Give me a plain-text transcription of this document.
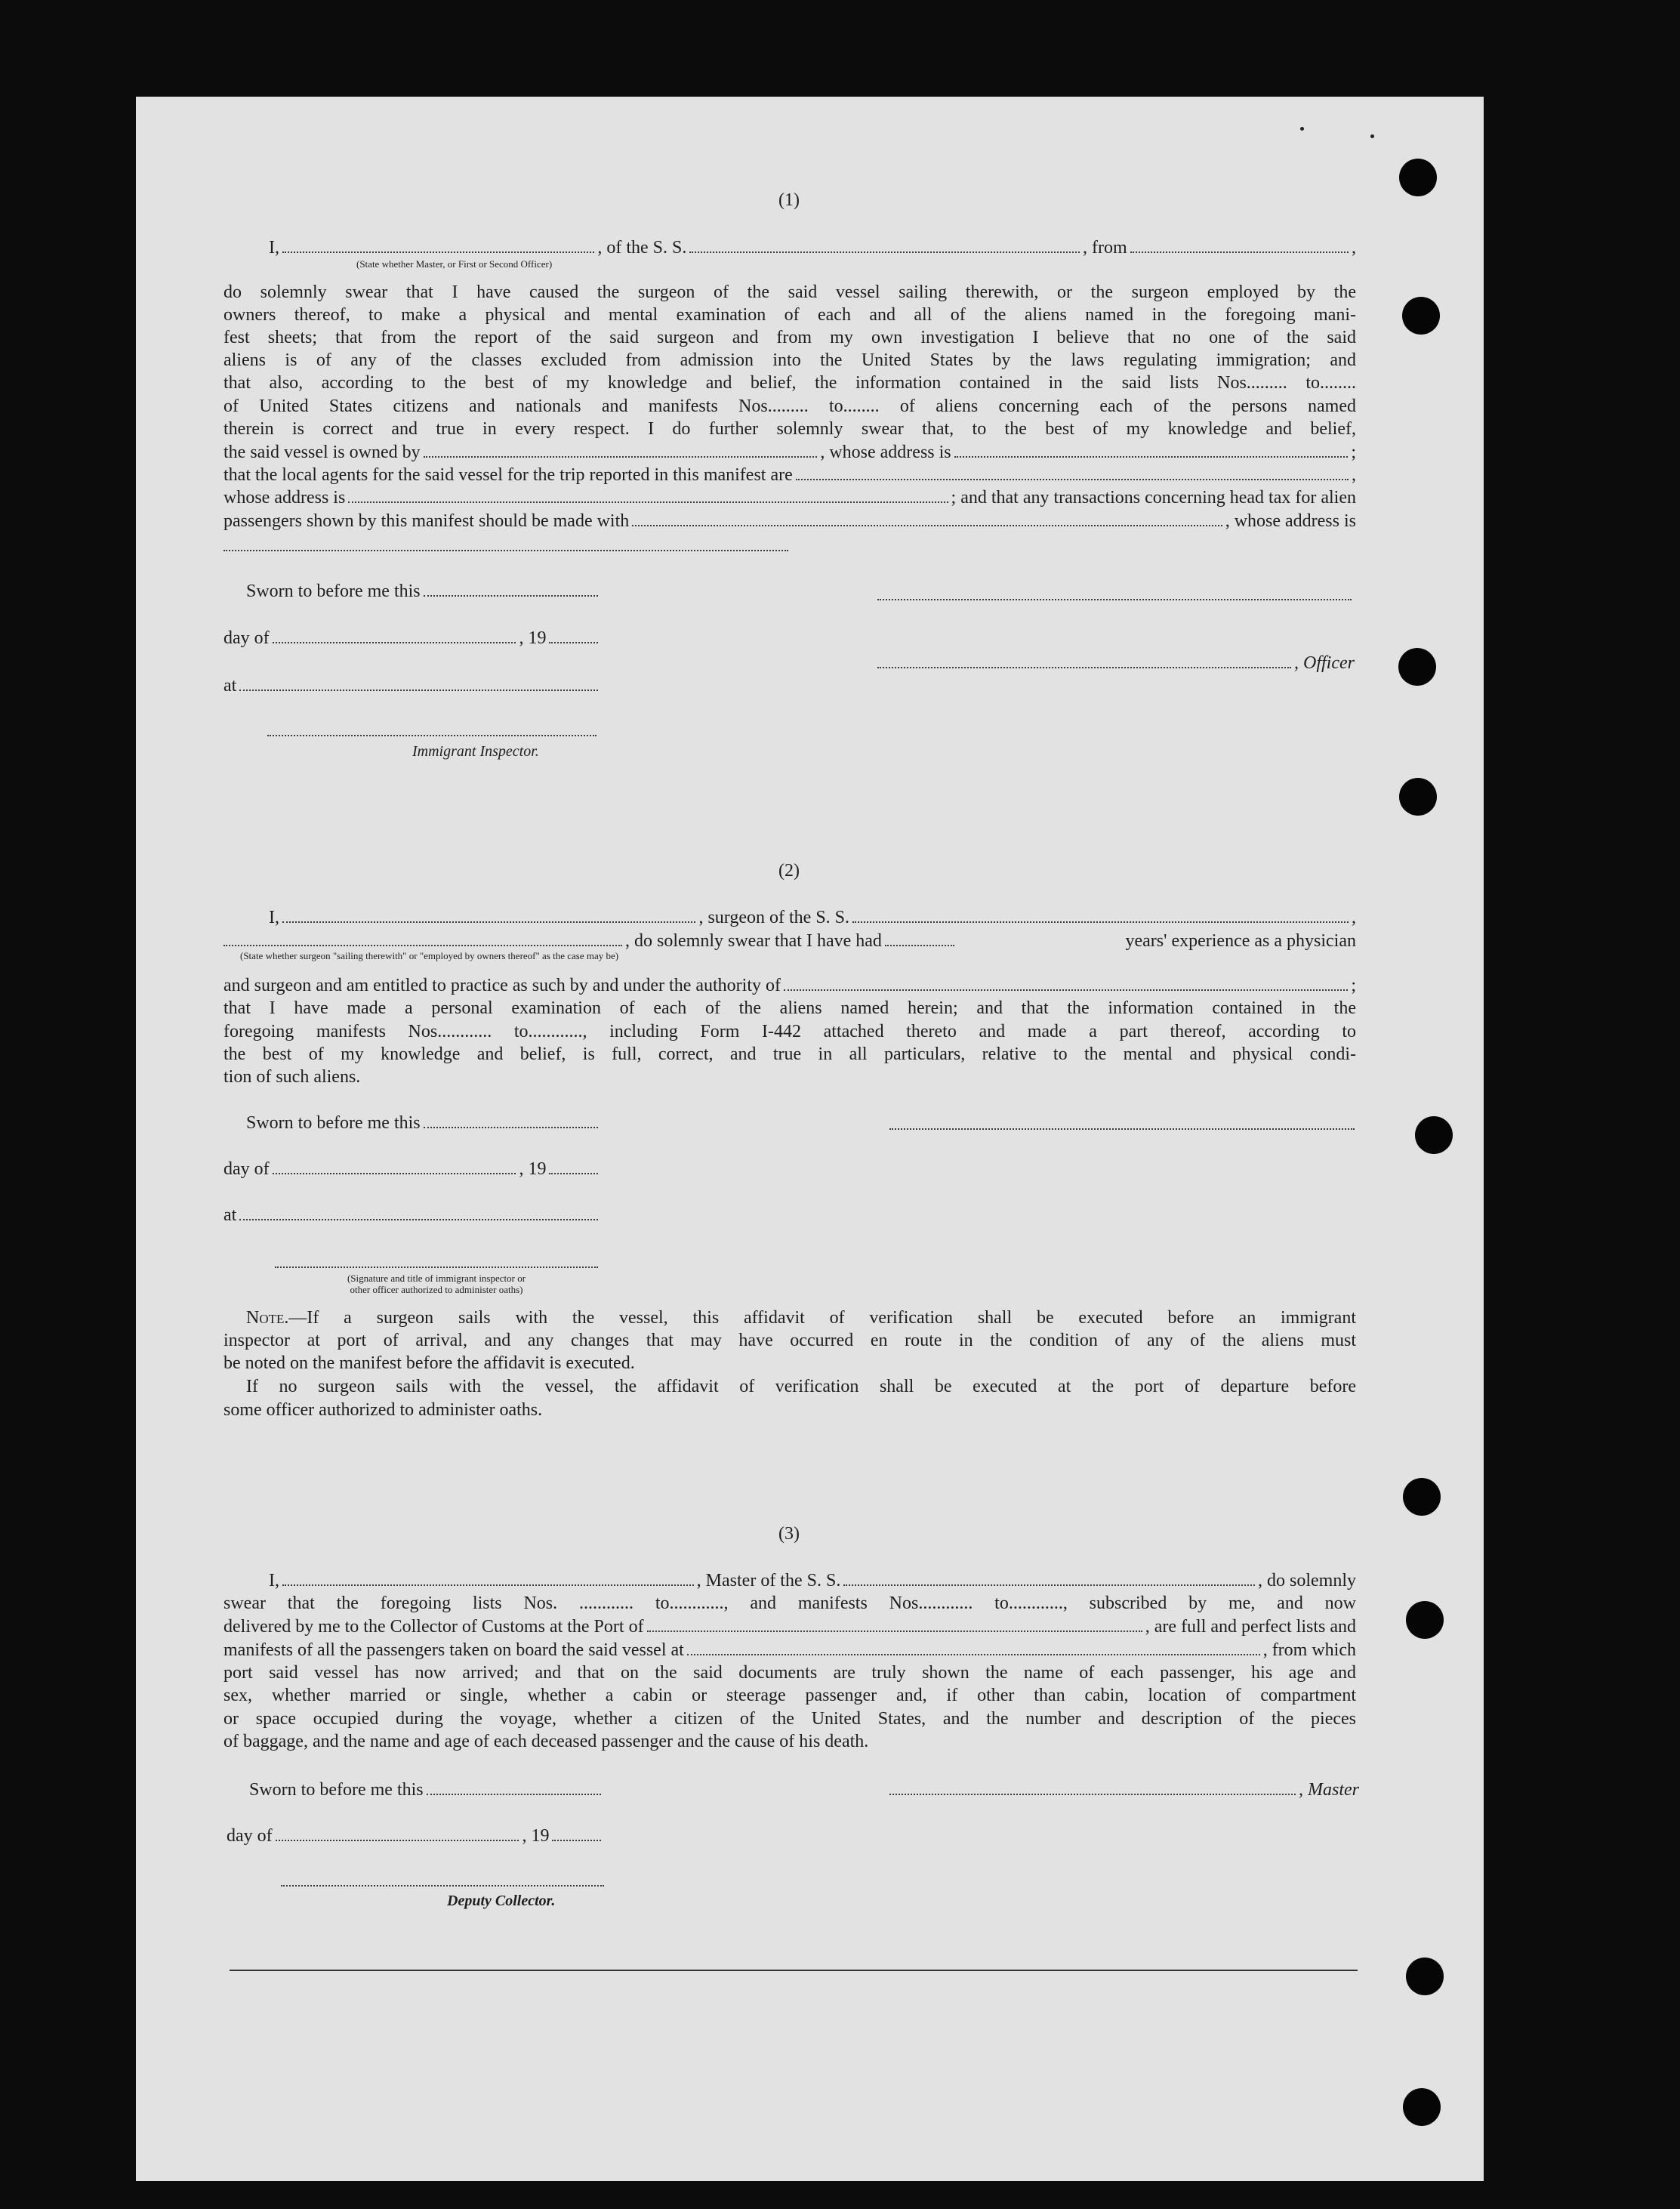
(1)
I,	, of the S. S.	, from	,
(State whether Master, or First or Second Officer)
do solemnly swear that I have caused the surgeon of the said vessel sailing therewith, or the surgeon employed by the
owners thereof, to make a physical and mental examination of each and all of the aliens named in the foregoing mani-
fest sheets; that from the report of the said surgeon and from my own investigation I believe that no one of the said
aliens is of any of the classes excluded from admission into the United States by the laws regulating immigration; and
that also, according to the best of my knowledge and belief, the information contained in the said lists Nos......... to........
of United States citizens and nationals and manifests Nos......... to........ of aliens concerning each of the persons named
therein is correct and true in every respect. I do further solemnly swear that, to the best of my knowledge and belief,
the said vessel is owned by	, whose address is	;
that the local agents for the said vessel for the trip reported in this manifest are	,
whose address is	; and that any transactions concerning head tax for alien
passengers shown by this manifest should be made with	, whose address is
Sworn to before me this
day of	, 19
, Officer
at
Immigrant Inspector.
(2)
I,	, surgeon of the S. S.	,
, do solemnly swear that I have had	years' experience as a physician
(State whether surgeon "sailing therewith" or "employed by owners thereof" as the case may be)
and surgeon and am entitled to practice as such by and under the authority of	;
that I have made a personal examination of each of the aliens named herein; and that the information contained in the
foregoing manifests Nos............ to............, including Form I-442 attached thereto and made a part thereof, according to
the best of my knowledge and belief, is full, correct, and true in all particulars, relative to the mental and physical condi-
tion of such aliens.
Sworn to before me this
day of	, 19
at
(Signature and title of immigrant inspector or
other officer authorized to administer oaths)
Note.—If a surgeon sails with the vessel, this affidavit of verification shall be executed before an immigrant
inspector at port of arrival, and any changes that may have occurred en route in the condition of any of the aliens must
be noted on the manifest before the affidavit is executed.
If no surgeon sails with the vessel, the affidavit of verification shall be executed at the port of departure before
some officer authorized to administer oaths.
(3)
I,	, Master of the S. S.	, do solemnly
swear that the foregoing lists Nos. ............ to............, and manifests Nos............ to............, subscribed by me, and now
delivered by me to the Collector of Customs at the Port of	, are full and perfect lists and
manifests of all the passengers taken on board the said vessel at	, from which
port said vessel has now arrived; and that on the said documents are truly shown the name of each passenger, his age and
sex, whether married or single, whether a cabin or steerage passenger and, if other than cabin, location of compartment
or space occupied during the voyage, whether a citizen of the United States, and the number and description of the pieces
of baggage, and the name and age of each deceased passenger and the cause of his death.
Sworn to before me this	, Master
day of	, 19
Deputy Collector.
